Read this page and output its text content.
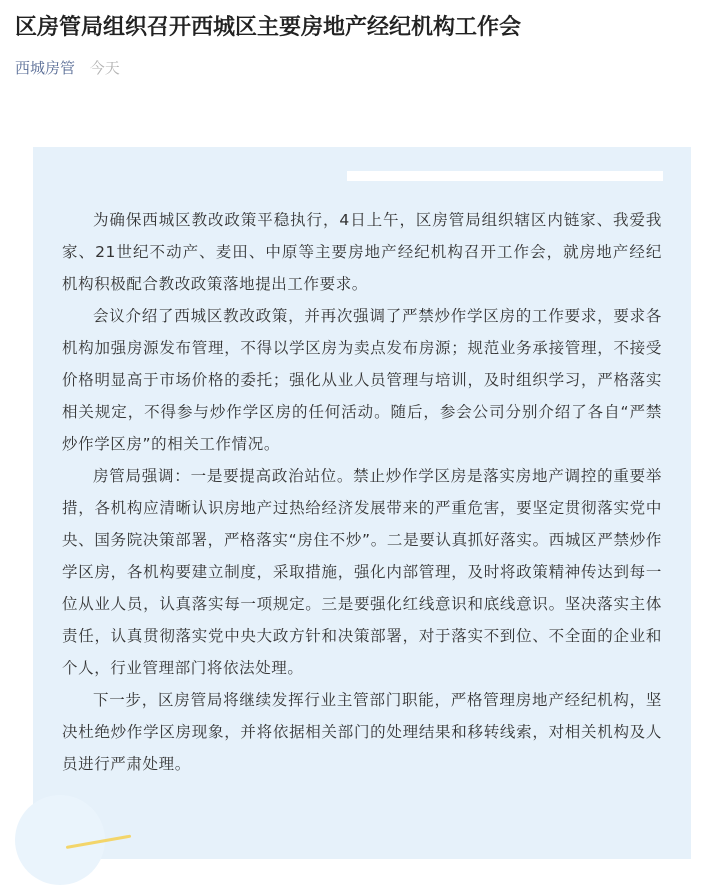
区房管局组织召开西城区主要房地产经纪机构工作会
西城房管 今天

为确保西城区教改政策平稳执行，4日上午，区房管局组织辖区内链家、我爱我家、21世纪不动产、麦田、中原等主要房地产经纪机构召开工作会，就房地产经纪机构积极配合教改政策落地提出工作要求。

会议介绍了西城区教改政策，并再次强调了严禁炒作学区房的工作要求，要求各机构加强房源发布管理，不得以学区房为卖点发布房源；规范业务承接管理，不接受价格明显高于市场价格的委托；强化从业人员管理与培训，及时组织学习，严格落实相关规定，不得参与炒作学区房的任何活动。随后，参会公司分别介绍了各自“严禁炒作学区房”的相关工作情况。

房管局强调：一是要提高政治站位。禁止炒作学区房是落实房地产调控的重要举措，各机构应清晰认识房地产过热给经济发展带来的严重危害，要坚定贯彻落实党中央、国务院决策部署，严格落实“房住不炒”。二是要认真抓好落实。西城区严禁炒作学区房，各机构要建立制度，采取措施，强化内部管理，及时将政策精神传达到每一位从业人员，认真落实每一项规定。三是要强化红线意识和底线意识。坚决落实主体责任，认真贯彻落实党中央大政方针和决策部署，对于落实不到位、不全面的企业和个人，行业管理部门将依法处理。

下一步，区房管局将继续发挥行业主管部门职能，严格管理房地产经纪机构，坚决杜绝炒作学区房现象，并将依据相关部门的处理结果和移转线索，对相关机构及人员进行严肃处理。
